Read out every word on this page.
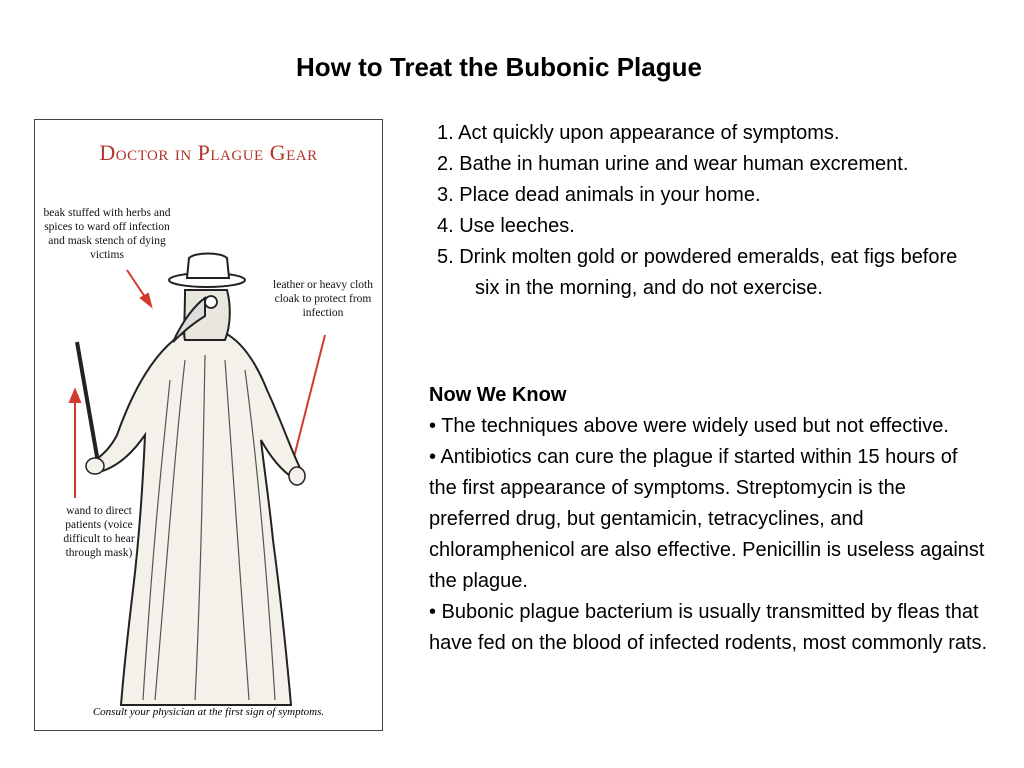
How to Treat the Bubonic Plague
Doctor in Plague Gear
beak stuffed with herbs and spices to ward off infection and mask stench of dying victims
leather or heavy cloth cloak to protect from infection
wand to direct patients (voice difficult to hear through mask)
Consult your physician at the first sign of symptoms.
1. Act quickly upon appearance of symptoms.
2. Bathe in human urine and wear human excrement.
3. Place dead animals in your home.
4. Use leeches.
5. Drink molten gold or powdered emeralds, eat figs before six in the morning, and do not exercise.

Now We Know

• The techniques above were widely used but not effective.

• Antibiotics can cure the plague if started within 15 hours of the first appearance of symptoms. Streptomycin is the preferred drug, but gentamicin, tetracyclines, and chloramphenicol are also effective. Penicillin is useless against the plague.

• Bubonic plague bacterium is usually transmitted by fleas that have fed on the blood of infected rodents, most commonly rats.
